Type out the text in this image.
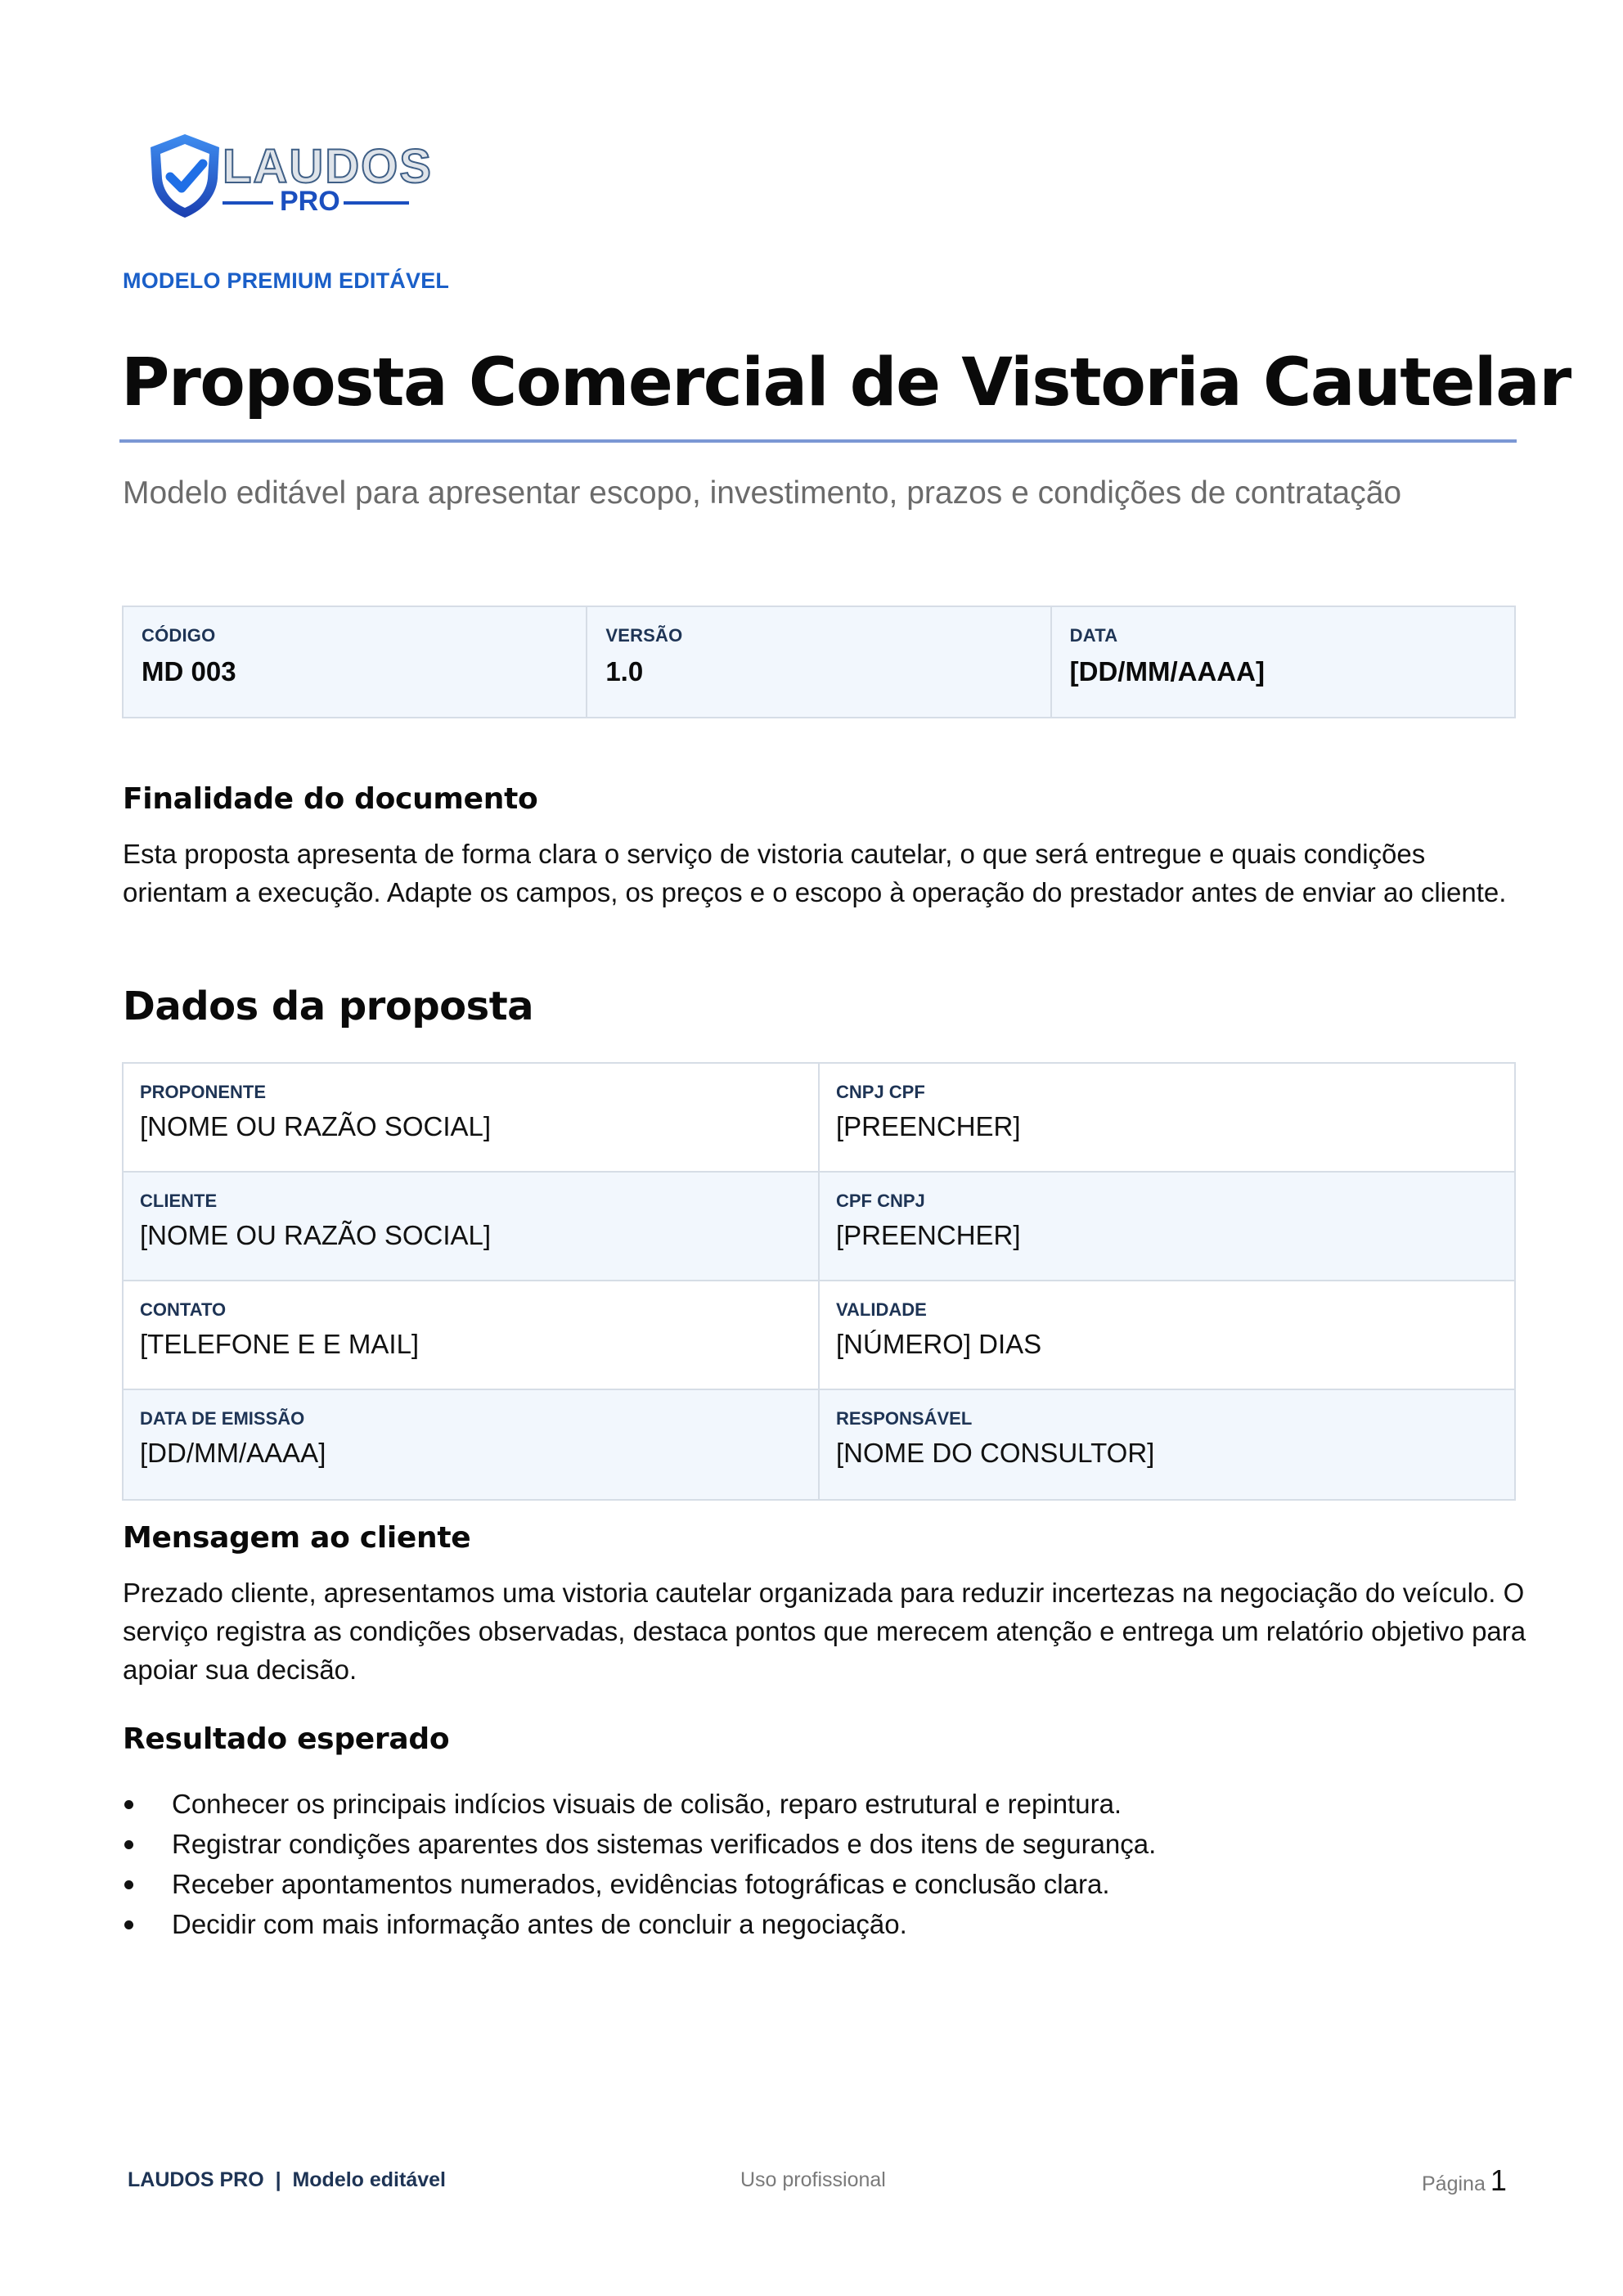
LAUDOS
PRO
MODELO PREMIUM EDITÁVEL
Proposta Comercial de Vistoria Cautelar
Modelo editável para apresentar escopo, investimento, prazos e condições de contratação
CÓDIGO
MD 003
VERSÃO
1.0
DATA
[DD/MM/AAAA]
Finalidade do documento

Esta proposta apresenta de forma clara o serviço de vistoria cautelar, o que será entregue e quais condições orientam a execução. Adapte os campos, os preços e o escopo à operação do prestador antes de enviar ao cliente.

Dados da proposta
PROPONENTE
[NOME OU RAZÃO SOCIAL]
CNPJ CPF
[PREENCHER]
CLIENTE
[NOME OU RAZÃO SOCIAL]
CPF CNPJ
[PREENCHER]
CONTATO
[TELEFONE E E MAIL]
VALIDADE
[NÚMERO] DIAS
DATA DE EMISSÃO
[DD/MM/AAAA]
RESPONSÁVEL
[NOME DO CONSULTOR]
Mensagem ao cliente

Prezado cliente, apresentamos uma vistoria cautelar organizada para reduzir incertezas na negociação do veículo. O serviço registra as condições observadas, destaca pontos que merecem atenção e entrega um relatório objetivo para apoiar sua decisão.

Resultado esperado
Conhecer os principais indícios visuais de colisão, reparo estrutural e repintura.
Registrar condições aparentes dos sistemas verificados e dos itens de segurança.
Receber apontamentos numerados, evidências fotográficas e conclusão clara.
Decidir com mais informação antes de concluir a negociação.
LAUDOS PRO  |  Modelo editável	Uso profissional	Página 1
